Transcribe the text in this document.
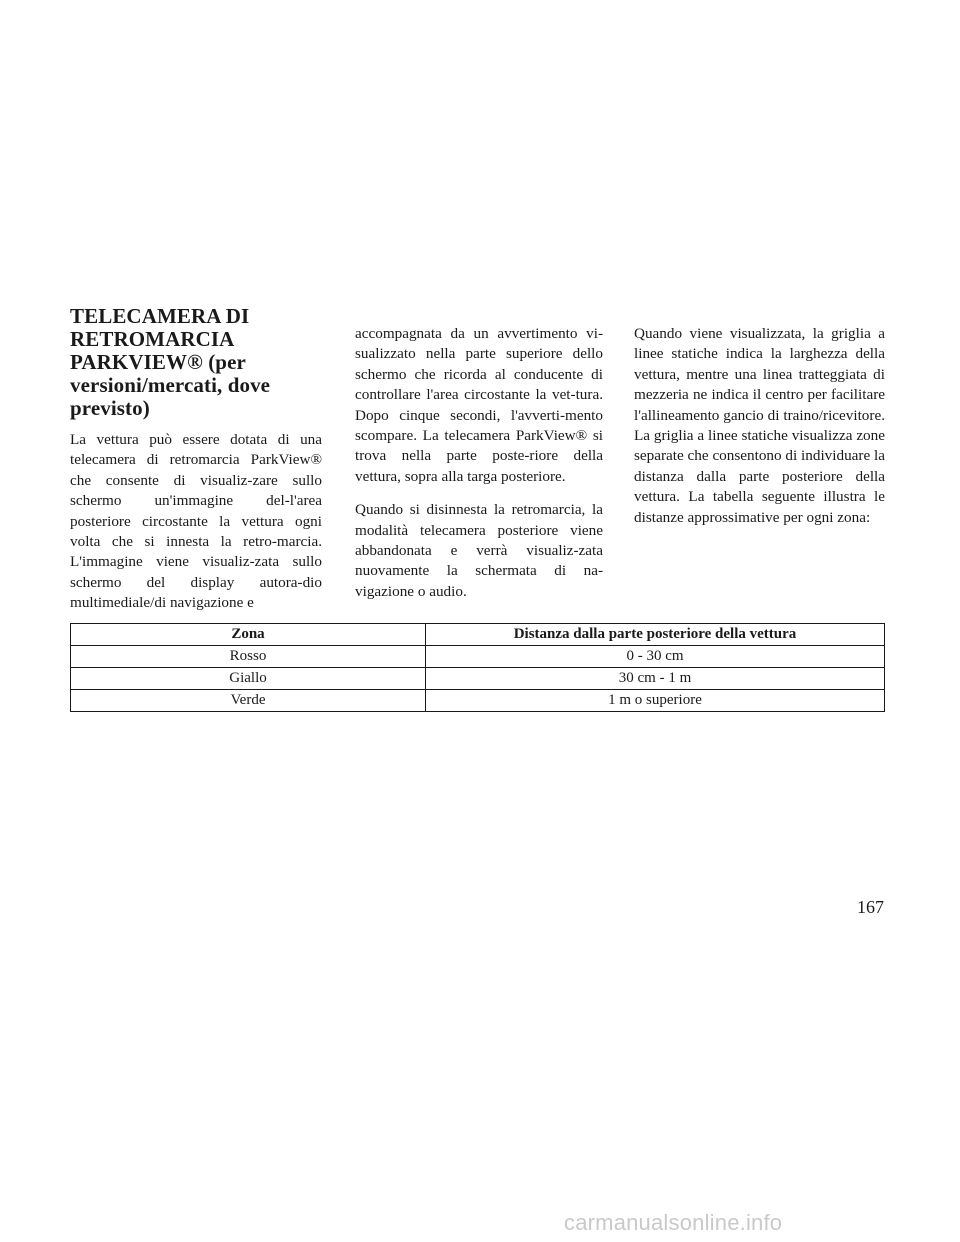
TELECAMERA DI
RETROMARCIA
PARKVIEW® (per
versioni/mercati, dove
previsto)

La vettura può essere dotata di una telecamera di retromarcia ParkView® che consente di visualiz-zare sullo schermo un'immagine del-l'area posteriore circostante la vettura ogni volta che si innesta la retro-marcia. L'immagine viene visualiz-zata sullo schermo del display autora-dio multimediale/di navigazione e

accompagnata da un avvertimento vi-sualizzato nella parte superiore dello schermo che ricorda al conducente di controllare l'area circostante la vet-tura. Dopo cinque secondi, l'avverti-mento scompare. La telecamera ParkView® si trova nella parte poste-riore della vettura, sopra alla targa posteriore.

Quando si disinnesta la retromarcia, la modalità telecamera posteriore viene abbandonata e verrà visualiz-zata nuovamente la schermata di na-vigazione o audio.

Quando viene visualizzata, la griglia a linee statiche indica la larghezza della vettura, mentre una linea tratteggiata di mezzeria ne indica il centro per facilitare l'allineamento gancio di traino/ricevitore. La griglia a linee statiche visualizza zone separate che consentono di individuare la distanza dalla parte posteriore della vettura. La tabella seguente illustra le distanze approssimative per ogni zona:

Zona	Distanza dalla parte posteriore della vettura
Rosso	0 - 30 cm
Giallo	30 cm - 1 m
Verde	1 m o superiore
167
carmanualsonline.info
